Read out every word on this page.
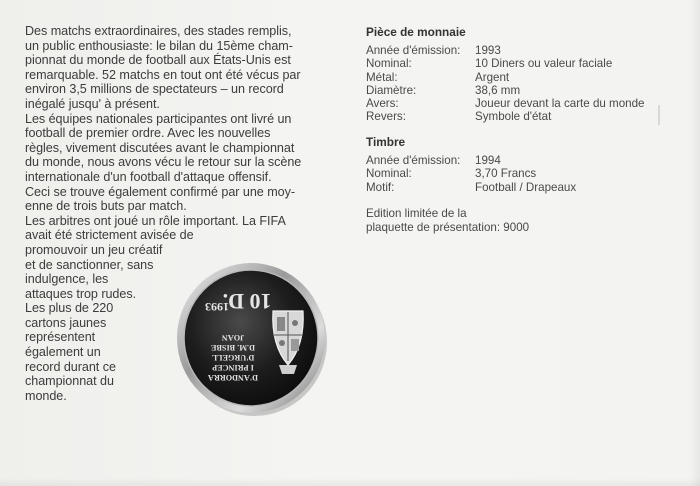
Des matchs extraordinaires, des stades remplis,
un public enthousiaste: le bilan du 15ème cham-
pionnat du monde de football aux États-Unis est
remarquable. 52 matchs en tout ont été vécus par
environ 3,5 millions de spectateurs – un record
inégalé jusqu' à présent.
Les équipes nationales participantes ont livré un
football de premier ordre. Avec les nouvelles
règles, vivement discutées avant le championnat
du monde, nous avons vécu le retour sur la scène
internationale d'un football d'attaque offensif.
Ceci se trouve également confirmé par une moy-
enne de trois buts par match.
Les arbitres ont joué un rôle important. La FIFA
avait été strictement avisée de
promouvoir un jeu créatif
et de sanctionner, sans
indulgence, les
attaques trop rudes.
Les plus de 220
cartons jaunes
représentent
également un
record durant ce
championnat du
monde.
Pièce de monnaie
Année d'émission:	1993
Nominal:	10 Diners ou valeur faciale
Métal:	Argent
Diamètre:	38,6 mm
Avers:	Joueur devant la carte du monde
Revers:	Symbole d'état
Timbre
Année d'émission:	1994
Nominal:	3,70 Francs
Motif:	Football / Drapeaux
Edition limitée de la
plaquette de présentation: 9000
10 D.
1993
D'ANDORRA
I PRINCEP
D'URGELL
D.M. BISBE
JOAN
